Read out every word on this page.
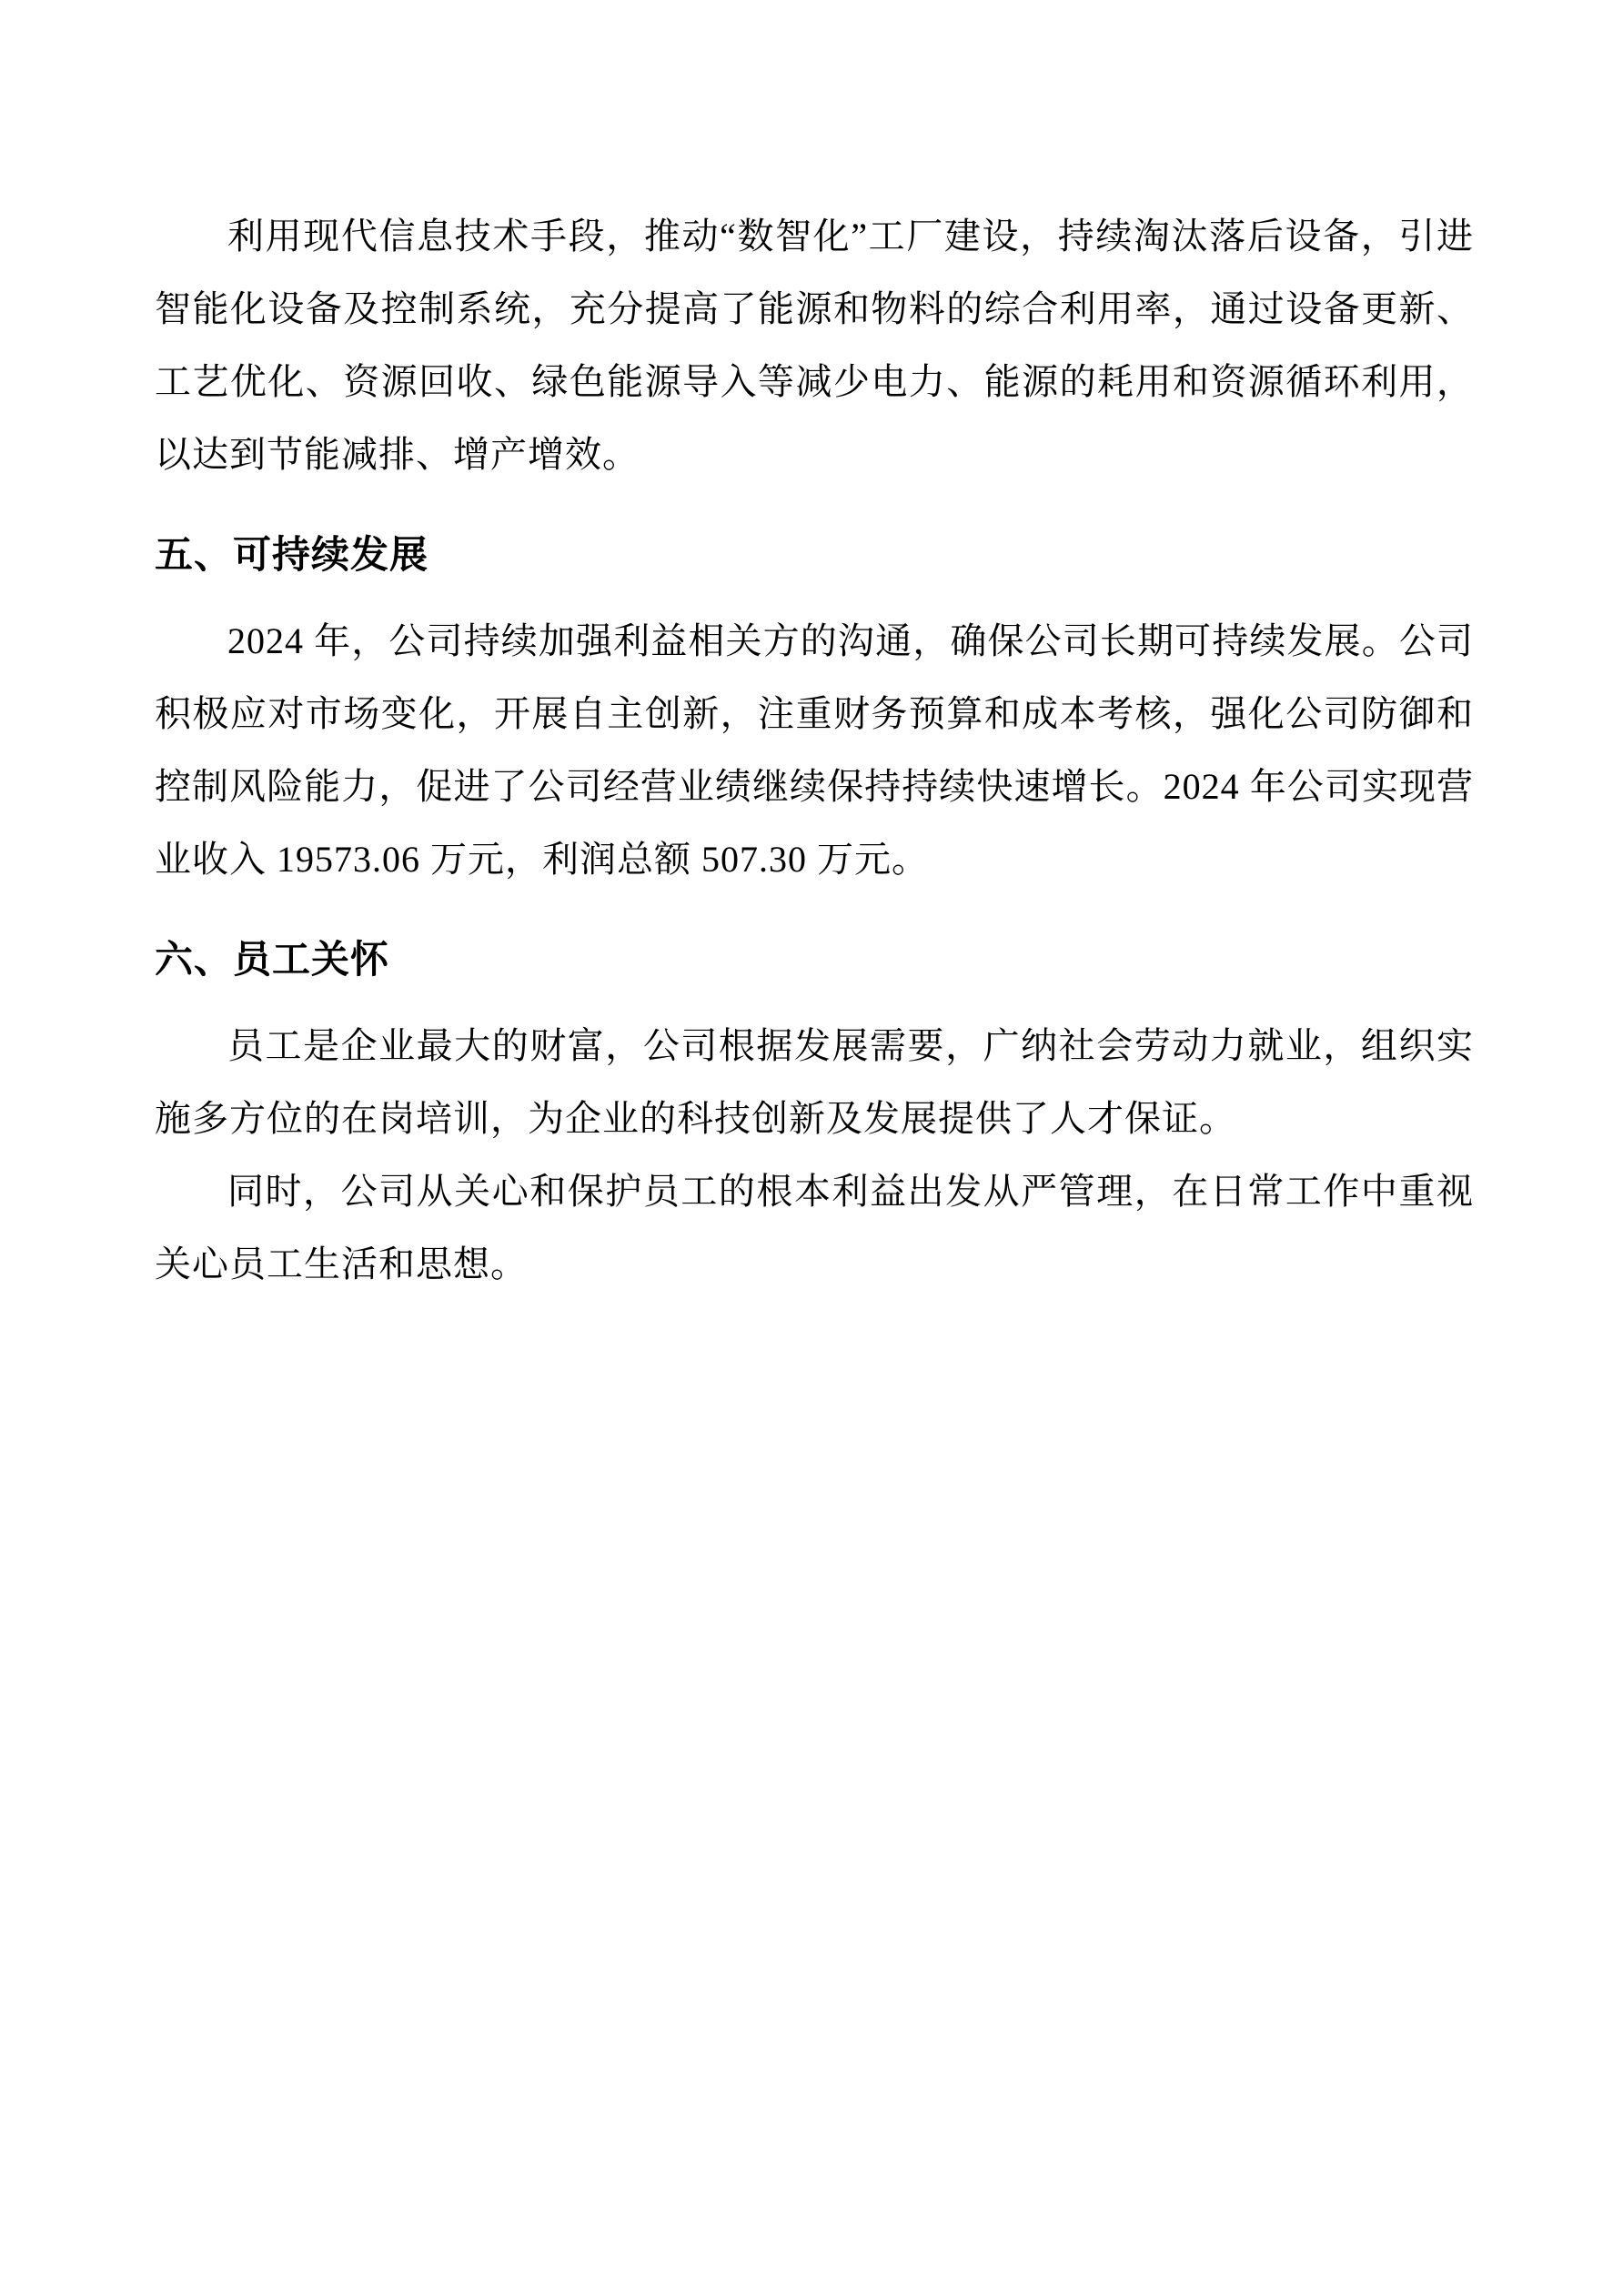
利用现代信息技术手段，推动“数智化”工厂建设，持续淘汰落后设备，引进智能化设备及控制系统，充分提高了能源和物料的综合利用率，通过设备更新、工艺优化、资源回收、绿色能源导入等减少电力、能源的耗用和资源循环利用，以达到节能减排、增产增效。

五、可持续发展

2024 年，公司持续加强利益相关方的沟通，确保公司长期可持续发展。公司积极应对市场变化，开展自主创新，注重财务预算和成本考核，强化公司防御和控制风险能力，促进了公司经营业绩继续保持持续快速增长。2024 年公司实现营业收入 19573.06 万元，利润总额 507.30 万元。

六、员工关怀

员工是企业最大的财富，公司根据发展需要，广纳社会劳动力就业，组织实施多方位的在岗培训，为企业的科技创新及发展提供了人才保证。

同时，公司从关心和保护员工的根本利益出发从严管理，在日常工作中重视关心员工生活和思想。
